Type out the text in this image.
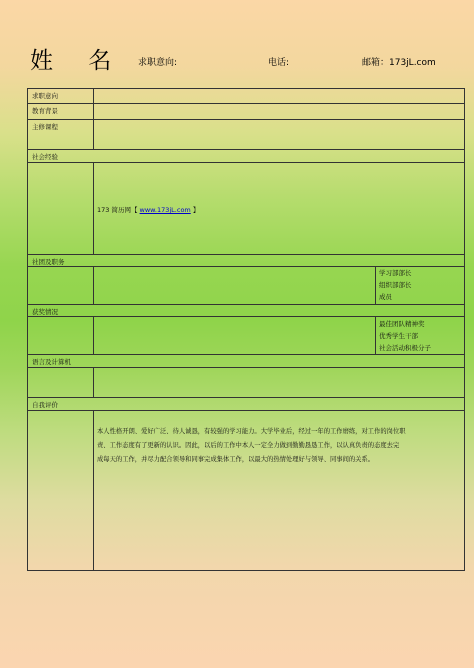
姓 名 求职意向:	电话:	邮箱：173jL.com
求职意向
教育背景
主修课程
社会经验
173 简历网【 www.173jL.com 】
社团及职务
学习部部长
组织部部长
成员
获奖情况
最佳团队精神奖
优秀学生干部
社会活动积极分子
语言及计算机
自我评价
本人性格开朗、爱好广泛、待人诚恳，有较强的学习能力。大学毕业后，经过一年的工作磨练，对工作的岗位职
责、工作态度有了更新的认识。因此，以后的工作中本人一定全力做到勤勤恳恳工作，以认真负责的态度去完
成每天的工作，并尽力配合领导和同事完成集体工作，以最大的热情处理好与领导、同事间的关系。
